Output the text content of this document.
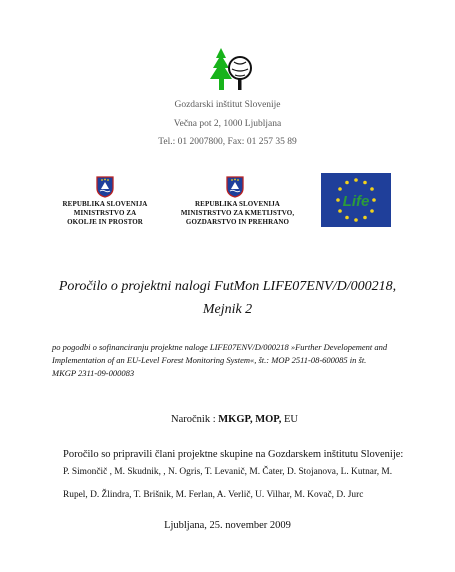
Gozdarski inštitut Slovenije
Večna pot 2, 1000 Ljubljana
Tel.: 01 2007800, Fax: 01 257 35 89
REPUBLIKA SLOVENIJA
MINISTRSTVO ZA
OKOLJE IN PROSTOR
REPUBLIKA SLOVENIJA
MINISTRSTVO ZA KMETIJSTVO,
GOZDARSTVO IN PREHRANO
Life
Poročilo o projektni nalogi FutMon LIFE07ENV/D/000218,
Mejnik 2
po pogodbi o sofinanciranju projektne naloge LIFE07ENV/D/000218 »Further Developement and
Implementation of an EU-Level Forest Monitoring System«, št.: MOP 2511-08-600085 in št.
MKGP 2311-09-000083
Naročnik : MKGP, MOP, EU
Poročilo so pripravili člani projektne skupine na Gozdarskem inštitutu Slovenije:
P. Simončič , M. Skudnik, , N. Ogris, T. Levanič, M. Čater, D. Stojanova, L. Kutnar, M.
Rupel, D. Žlindra, T. Brišnik, M. Ferlan, A. Verlič, U. Vilhar, M. Kovač, D. Jurc
Ljubljana, 25. november 2009
